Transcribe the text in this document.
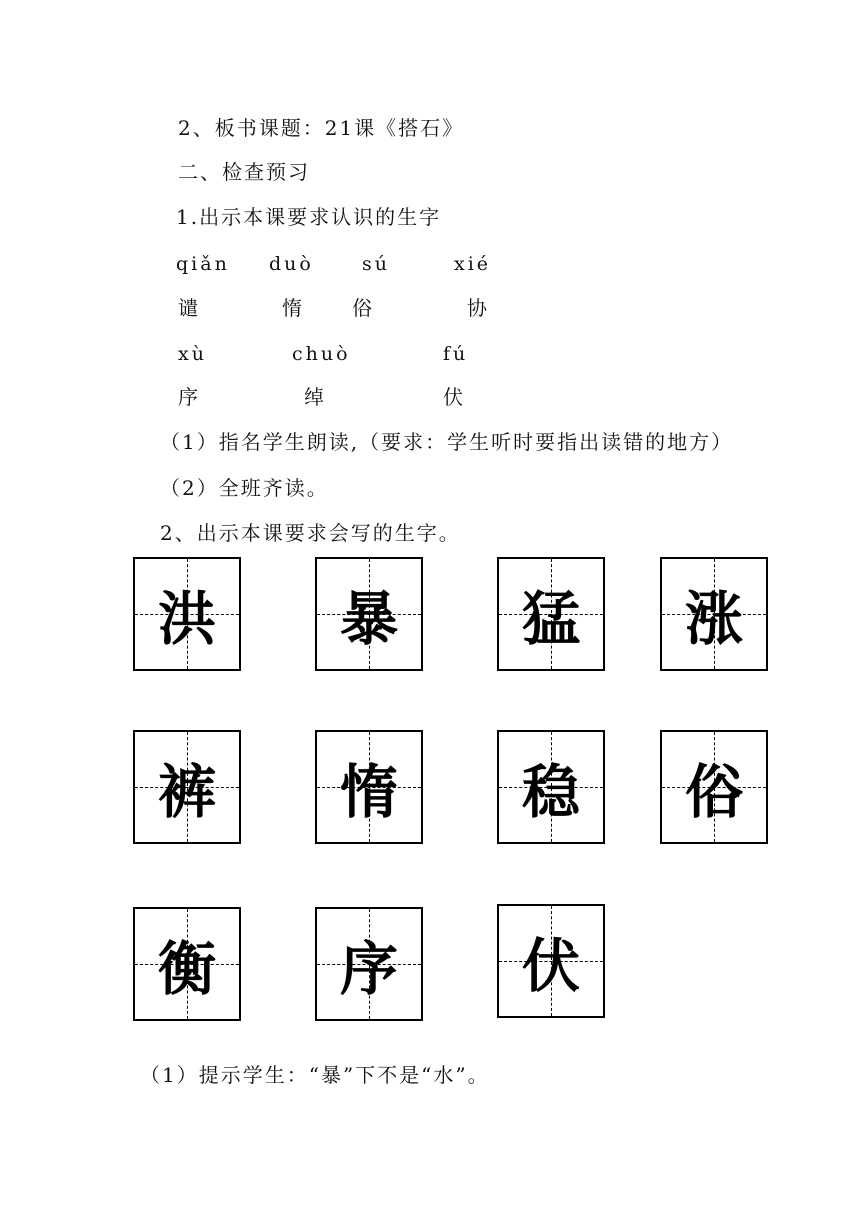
2、板书课题：21课《搭石》
二、检查预习
1.出示本课要求认识的生字
qiǎn duò	sú	xié
谴	惰	俗	协
xù	chuò	fú
序	绰	伏
（1）指名学生朗读,（要求：学生听时要指出读错的地方）
（2）全班齐读。
2、出示本课要求会写的生字。
洪	暴	猛	涨
裤	惰	稳	俗
衡	序	伏
（1）提示学生：“暴”下不是“水”。
